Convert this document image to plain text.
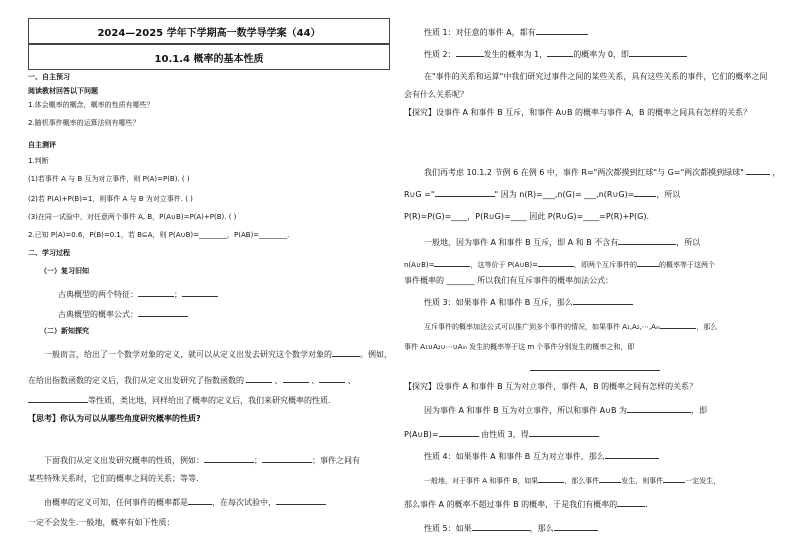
2024—2025 学年下学期高一数学导学案（44）
10.1.4 概率的基本性质
一、自主预习
阅读教材回答以下问题
1.体会概率的概念，概率的性质有哪些？
2.随机事件概率的运算法则有哪些？
自主测评
1.判断
(1)若事件 A 与 B 互为对立事件，则 P(A)=P(B). ( )
(2)若 P(A)+P(B)=1，则事件 A 与 B 为对立事件. ( )
(3)在同一试验中，对任意两个事件 A, B，P(A∪B)=P(A)+P(B). ( )
2.已知 P(A)=0.6，P(B)=0.1，若 B⊆A，则 P(A∪B)=________，P(AB)=________.
二、学习过程
（一）复习旧知
古典概型的两个特征：	；
古典概型的概率公式：
（二）新知探究
一般而言，给出了一个数学对象的定义，就可以从定义出发去研究这个数学对象的	。例如，
在给出指数函数的定义后，我们从定义出发研究了指数函数的	、	、	、
等性质，类比地，同样给出了概率的定义后，我们来研究概率的性质.
【思考】你认为可以从哪些角度研究概率的性质?
下面我们从定义出发研究概率的性质，例如：	；	；事件之间有
某些特殊关系时，它们的概率之间的关系；等等.
由概率的定义可知，任何事件的概率都是	，在每次试验中，
一定不会发生.一般地，概率有如下性质：
性质 1：对任意的事件 A，都有
性质 2：	发生的概率为 1，	的概率为 0，即
在"事件的关系和运算"中我们研究过事件之间的某些关系，具有这些关系的事件，它们的概率之间
会有什么关系呢？
【探究】设事件 A 和事件 B 互斥，和事件 A∪B 的概率与事件 A，B 的概率之间具有怎样的关系？
我们再考虑 10.1.2 节例 6 在例 6 中，事件 R="两次都摸到红球"与 G="两次都摸到绿球"	，
R∪G ="	" 因为 n(R)=___,n(G)= ___,n(R∪G)=	，所以
P(R)=P(G)=____，P(R∪G)=____ 因此 P(R∪G)=____=P(R)+P(G).
一般地，因为事件 A 和事件 B 互斥，即 A 和 B 不含有	，所以
n(A∪B)=	，这等价于 P(A∪B)=	，即两个互斥事件的	的概率等于这两个
事件概率的 _______ 所以我们有互斥事件的概率加法公式：
性质 3：如果事件 A 和事件 B 互斥，那么
互斥事件的概率加法公式可以推广到多个事件的情况，如果事件 A₁,A₂,⋯,Aₘ	，那么
事件 A₁∪A₂∪⋯∪Aₘ 发生的概率等于这 m 个事件分别发生的概率之和，即
【探究】设事件 A 和事件 B 互为对立事件，事件 A，B 的概率之间有怎样的关系？
因为事件 A 和事件 B 互为对立事件，所以和事件 A∪B 为	，即
P(A∪B)=	由性质 3，得
性质 4：如果事件 A 和事件 B 互为对立事件，那么
一般地，对于事件 A 和事件 B，如果	，那么事件	发生，则事件	一定发生，
那么事件 A 的概率不超过事件 B 的概率，于是我们有概率的	.
性质 5：如果	，那么
